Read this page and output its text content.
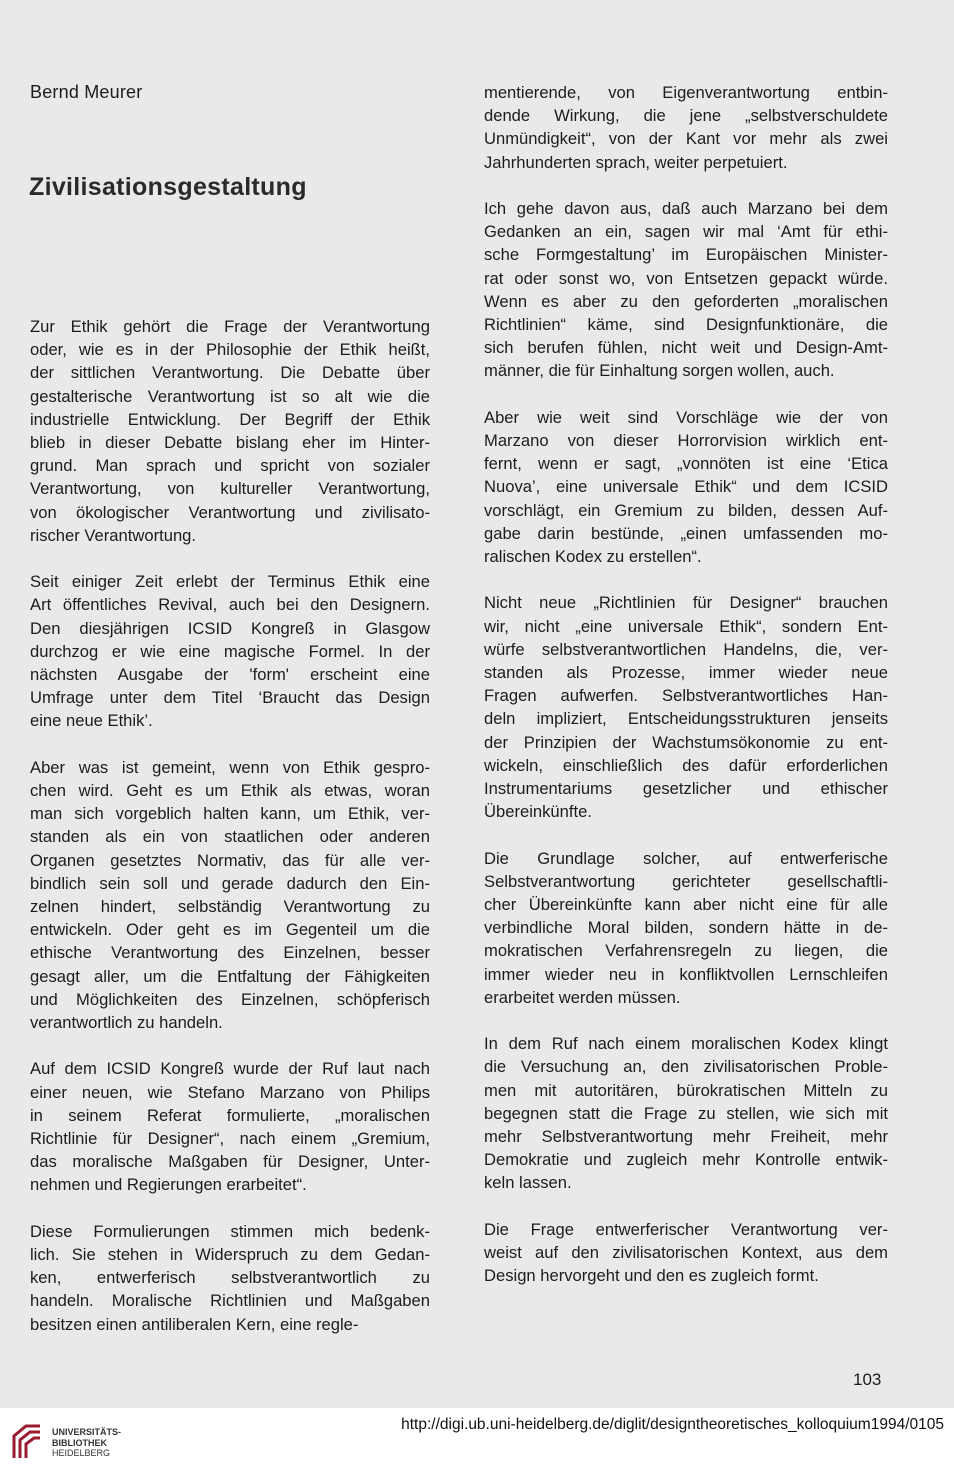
Bernd Meurer
Zivilisationsgestaltung

Zur Ethik gehört die Frage der Verantwortung
oder, wie es in der Philosophie der Ethik heißt,
der sittlichen Verantwortung. Die Debatte über
gestalterische Verantwortung ist so alt wie die
industrielle Entwicklung. Der Begriff der Ethik
blieb in dieser Debatte bislang eher im Hinter-
grund. Man sprach und spricht von sozialer
Verantwortung, von kultureller Verantwortung,
von ökologischer Verantwortung und zivilisato-
rischer Verantwortung.

Seit einiger Zeit erlebt der Terminus Ethik eine
Art öffentliches Revival, auch bei den Designern.
Den diesjährigen ICSID Kongreß in Glasgow
durchzog er wie eine magische Formel. In der
nächsten Ausgabe der 'form' erscheint eine
Umfrage unter dem Titel ‘Braucht das Design
eine neue Ethik’.

Aber was ist gemeint, wenn von Ethik gespro-
chen wird. Geht es um Ethik als etwas, woran
man sich vorgeblich halten kann, um Ethik, ver-
standen als ein von staatlichen oder anderen
Organen gesetztes Normativ, das für alle ver-
bindlich sein soll und gerade dadurch den Ein-
zelnen hindert, selbständig Verantwortung zu
entwickeln. Oder geht es im Gegenteil um die
ethische Verantwortung des Einzelnen, besser
gesagt aller, um die Entfaltung der Fähigkeiten
und Möglichkeiten des Einzelnen, schöpferisch
verantwortlich zu handeln.

Auf dem ICSID Kongreß wurde der Ruf laut nach
einer neuen, wie Stefano Marzano von Philips
in seinem Referat formulierte, „moralischen
Richtlinie für Designer“, nach einem „Gremium,
das moralische Maßgaben für Designer, Unter-
nehmen und Regierungen erarbeitet“.

Diese Formulierungen stimmen mich bedenk-
lich. Sie stehen in Widerspruch zu dem Gedan-
ken, entwerferisch selbstverantwortlich zu
handeln. Moralische Richtlinien und Maßgaben
besitzen einen antiliberalen Kern, eine regle-

mentierende, von Eigenverantwortung entbin-
dende Wirkung, die jene „selbstverschuldete
Unmündigkeit“, von der Kant vor mehr als zwei
Jahrhunderten sprach, weiter perpetuiert.

Ich gehe davon aus, daß auch Marzano bei dem
Gedanken an ein, sagen wir mal ‘Amt für ethi-
sche Formgestaltung’ im Europäischen Minister-
rat oder sonst wo, von Entsetzen gepackt würde.
Wenn es aber zu den geforderten „moralischen
Richtlinien“ käme, sind Designfunktionäre, die
sich berufen fühlen, nicht weit und Design-Amt-
männer, die für Einhaltung sorgen wollen, auch.

Aber wie weit sind Vorschläge wie der von
Marzano von dieser Horrorvision wirklich ent-
fernt, wenn er sagt, „vonnöten ist eine ‘Etica
Nuova’, eine universale Ethik“ und dem ICSID
vorschlägt, ein Gremium zu bilden, dessen Auf-
gabe darin bestünde, „einen umfassenden mo-
ralischen Kodex zu erstellen“.

Nicht neue „Richtlinien für Designer“ brauchen
wir, nicht „eine universale Ethik“, sondern Ent-
würfe selbstverantwortlichen Handelns, die, ver-
standen als Prozesse, immer wieder neue
Fragen aufwerfen. Selbstverantwortliches Han-
deln impliziert, Entscheidungsstrukturen jenseits
der Prinzipien der Wachstumsökonomie zu ent-
wickeln, einschließlich des dafür erforderlichen
Instrumentariums gesetzlicher und ethischer
Übereinkünfte.

Die Grundlage solcher, auf entwerferische
Selbstverantwortung gerichteter gesellschaftli-
cher Übereinkünfte kann aber nicht eine für alle
verbindliche Moral bilden, sondern hätte in de-
mokratischen Verfahrensregeln zu liegen, die
immer wieder neu in konfliktvollen Lernschleifen
erarbeitet werden müssen.

In dem Ruf nach einem moralischen Kodex klingt
die Versuchung an, den zivilisatorischen Proble-
men mit autoritären, bürokratischen Mitteln zu
begegnen statt die Frage zu stellen, wie sich mit
mehr Selbstverantwortung mehr Freiheit, mehr
Demokratie und zugleich mehr Kontrolle entwik-
keln lassen.

Die Frage entwerferischer Verantwortung ver-
weist auf den zivilisatorischen Kontext, aus dem
Design hervorgeht und den es zugleich formt.

103
UNIVERSITÄTS-
BIBLIOTHEK
HEIDELBERG
http://digi.ub.uni-heidelberg.de/diglit/designtheoretisches_kolloquium1994/0105
